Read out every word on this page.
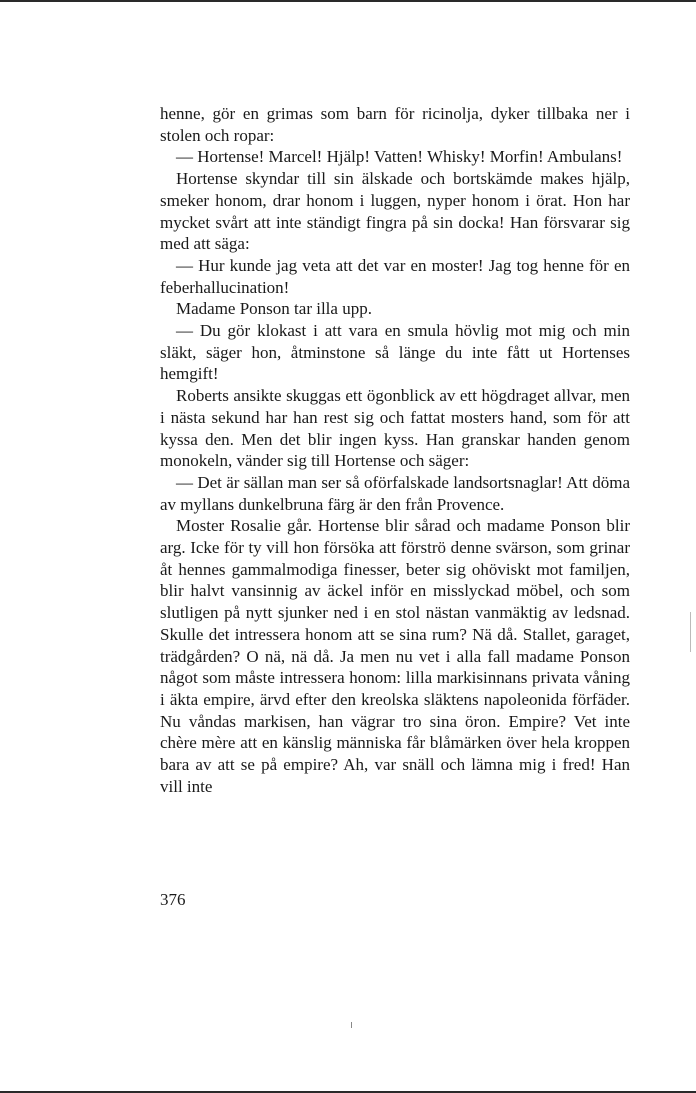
henne, gör en grimas som barn för ricinolja, dyker tillbaka ner i stolen och ropar:

— Hortense! Marcel! Hjälp! Vatten! Whisky! Morfin! Ambulans!

Hortense skyndar till sin älskade och bortskämde makes hjälp, smeker honom, drar honom i luggen, nyper honom i örat. Hon har mycket svårt att inte ständigt fingra på sin docka! Han försvarar sig med att säga:

— Hur kunde jag veta att det var en moster! Jag tog henne för en feberhallucination!

Madame Ponson tar illa upp.

— Du gör klokast i att vara en smula hövlig mot mig och min släkt, säger hon, åtminstone så länge du inte fått ut Hortenses hemgift!

Roberts ansikte skuggas ett ögonblick av ett högdraget allvar, men i nästa sekund har han rest sig och fattat mosters hand, som för att kyssa den. Men det blir ingen kyss. Han granskar handen genom monokeln, vänder sig till Hortense och säger:

— Det är sällan man ser så oförfalskade landsortsnaglar! Att döma av myllans dunkelbruna färg är den från Provence.

Moster Rosalie går. Hortense blir sårad och madame Ponson blir arg. Icke för ty vill hon försöka att förströ denne svärson, som grinar åt hennes gammalmodiga finesser, beter sig ohöviskt mot familjen, blir halvt vansinnig av äckel inför en misslyckad möbel, och som slutligen på nytt sjunker ned i en stol nästan vanmäktig av ledsnad. Skulle det intressera honom att se sina rum? Nä då. Stallet, garaget, trädgården? O nä, nä då. Ja men nu vet i alla fall madame Ponson något som måste intressera honom: lilla markisinnans privata våning i äkta empire, ärvd efter den kreolska släktens napoleonida förfäder. Nu våndas markisen, han vägrar tro sina öron. Empire? Vet inte chère mère att en känslig människa får blåmärken över hela kroppen bara av att se på empire? Ah, var snäll och lämna mig i fred! Han vill inte

376
